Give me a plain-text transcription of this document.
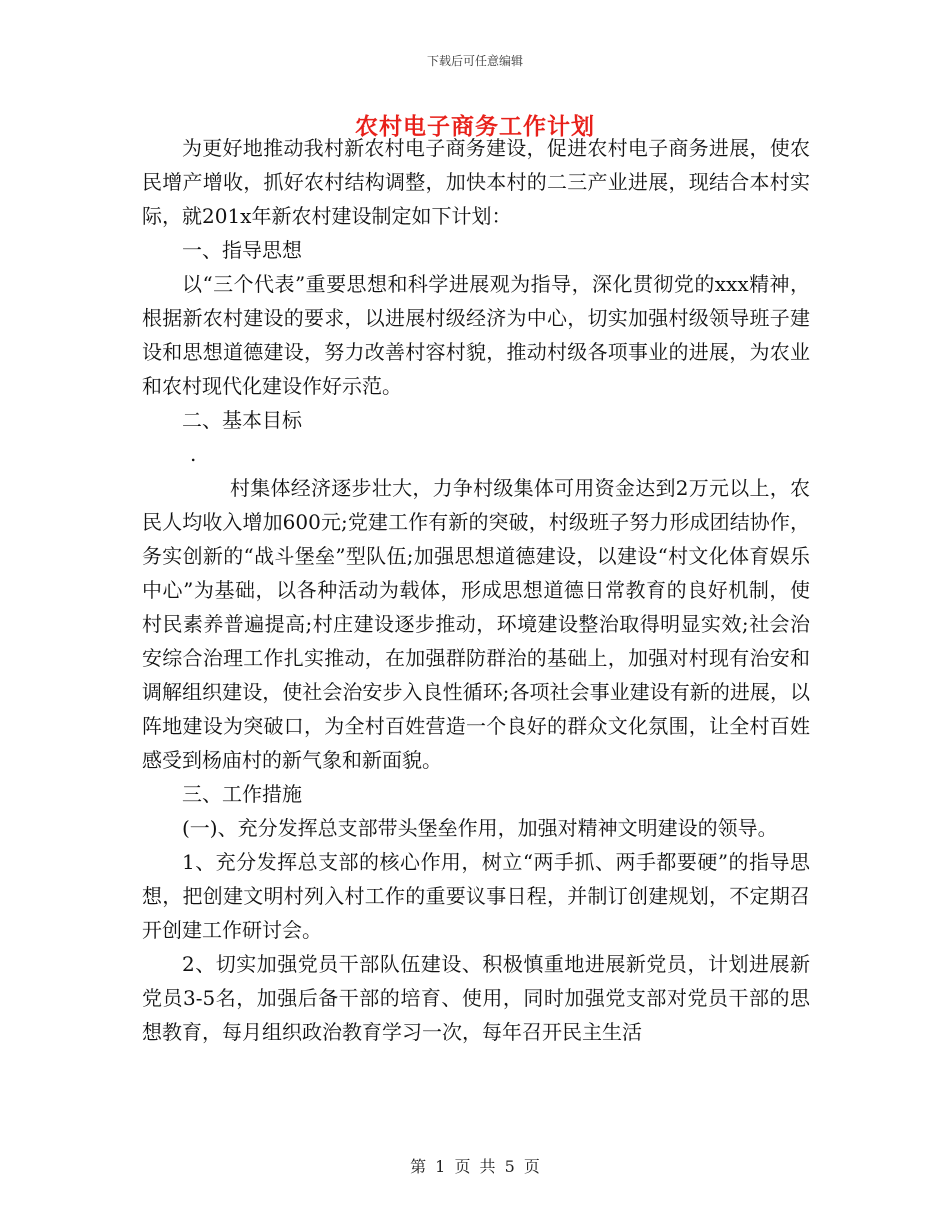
下载后可任意编辑
农村电子商务工作计划

为更好地推动我村新农村电子商务建设，促进农村电子商务进展，使农民增产增收，抓好农村结构调整，加快本村的二三产业进展，现结合本村实际，就201x年新农村建设制定如下计划：

一、指导思想

以“三个代表”重要思想和科学进展观为指导，深化贯彻党的xxx精神，根据新农村建设的要求，以进展村级经济为中心，切实加强村级领导班子建设和思想道德建设，努力改善村容村貌，推动村级各项事业的进展，为农业和农村现代化建设作好示范。

二、基本目标

.

村集体经济逐步壮大，力争村级集体可用资金达到2万元以上，农民人均收入增加600元;党建工作有新的突破，村级班子努力形成团结协作，务实创新的“战斗堡垒”型队伍;加强思想道德建设，以建设“村文化体育娱乐中心”为基础，以各种活动为载体，形成思想道德日常教育的良好机制，使村民素养普遍提高;村庄建设逐步推动，环境建设整治取得明显实效;社会治安综合治理工作扎实推动，在加强群防群治的基础上，加强对村现有治安和调解组织建设，使社会治安步入良性循环;各项社会事业建设有新的进展，以阵地建设为突破口，为全村百姓营造一个良好的群众文化氛围，让全村百姓感受到杨庙村的新气象和新面貌。

三、工作措施

(一)、充分发挥总支部带头堡垒作用，加强对精神文明建设的领导。

1、充分发挥总支部的核心作用，树立“两手抓、两手都要硬”的指导思想，把创建文明村列入村工作的重要议事日程，并制订创建规划，不定期召开创建工作研讨会。

2、切实加强党员干部队伍建设、积极慎重地进展新党员，计划进展新党员3-5名，加强后备干部的培育、使用，同时加强党支部对党员干部的思想教育，每月组织政治教育学习一次，每年召开民主生活

第 1 页 共 5 页
